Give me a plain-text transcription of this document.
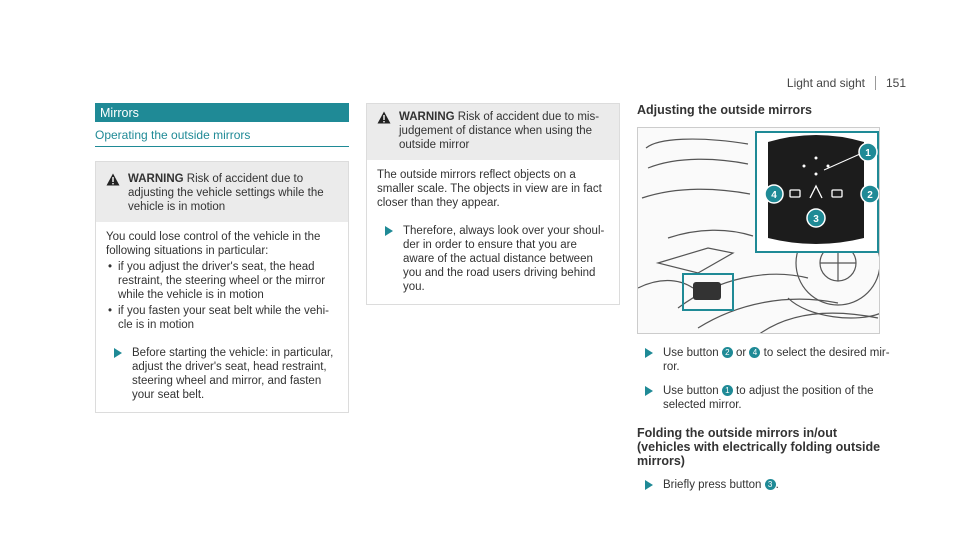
Light and sight 151
Mirrors
Operating the outside mirrors
WARNING Risk of accident due to adjusting the vehicle settings while the vehicle is in motion

You could lose control of the vehicle in the following situations in particular:

• if you adjust the driver's seat, the head restraint, the steering wheel or the mirror while the vehicle is in motion
• if you fasten your seat belt while the vehicle is in motion
Before starting the vehicle: in particular, adjust the driver's seat, head restraint, steering wheel and mirror, and fasten your seat belt.
WARNING Risk of accident due to misjudgement of distance when using the outside mirror

The outside mirrors reflect objects on a smaller scale. The objects in view are in fact closer than they appear.

Therefore, always look over your shoulder in order to ensure that you are aware of the actual distance between you and the road users driving behind you.
Adjusting the outside mirrors
1
2
3
4
Use button 2 or 4 to select the desired mirror.
Use button 1 to adjust the position of the selected mirror.
Folding the outside mirrors in/out (vehicles with electrically folding outside mirrors)
Briefly press button 3 .
